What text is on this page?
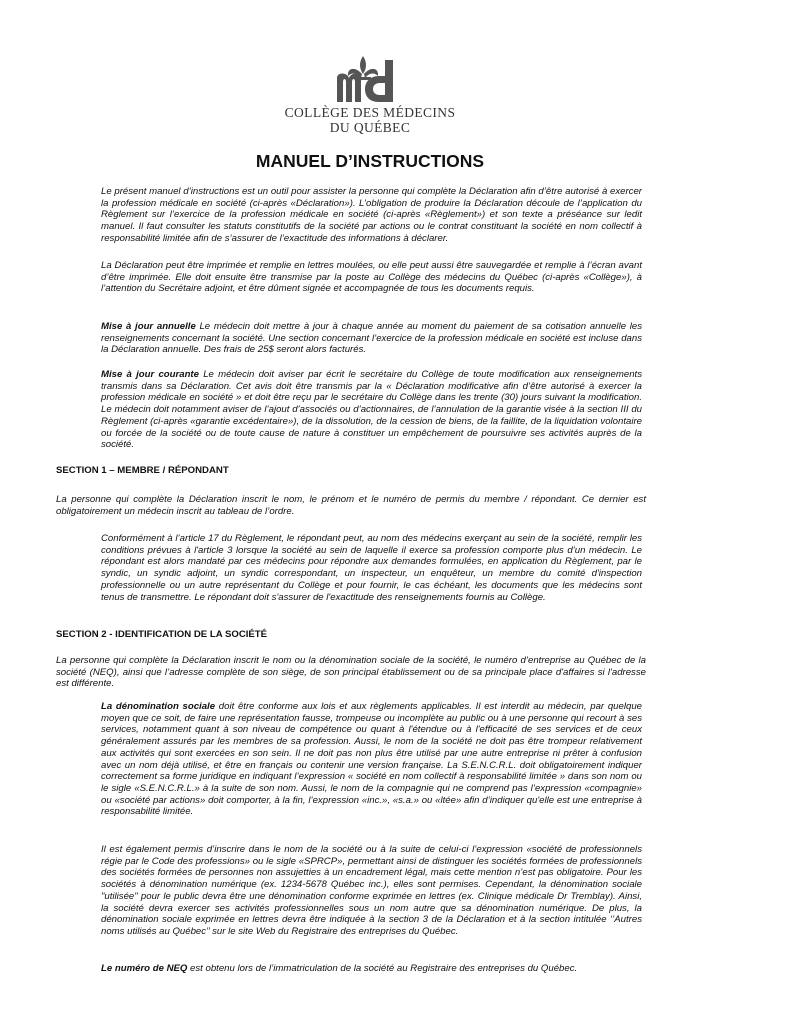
COLLÈGE DES MÉDECINS
DU QUÉBEC
MANUEL D’INSTRUCTIONS

Le présent manuel d’instructions est un outil pour assister la personne qui complète la Déclaration afin d’être autorisé à exercer la profession médicale en société (ci-après «Déclaration»). L’obligation de produire la Déclaration découle de l’application du Règlement sur l’exercice de la profession médicale en société (ci-après «Règlement») et son texte a préséance sur ledit manuel. Il faut consulter les statuts constitutifs de la société par actions ou le contrat constituant la société en nom collectif à responsabilité limitée afin de s’assurer de l’exactitude des informations à déclarer.

La Déclaration peut être imprimée et remplie en lettres moulées, ou elle peut aussi être sauvegardée et remplie à l’écran avant d’être imprimée. Elle doit ensuite être transmise par la poste au Collège des médecins du Québec (ci-après «Collège»), à l’attention du Secrétaire adjoint, et être dûment signée et accompagnée de tous les documents requis.

Mise à jour annuelle Le médecin doit mettre à jour à chaque année au moment du paiement de sa cotisation annuelle les renseignements concernant la société. Une section concernant l’exercice de la profession médicale en société est incluse dans la Déclaration annuelle. Des frais de 25$ seront alors facturés.

Mise à jour courante Le médecin doit aviser par écrit le secrétaire du Collège de toute modification aux renseignements transmis dans sa Déclaration. Cet avis doit être transmis par la « Déclaration modificative afin d’être autorisé à exercer la profession médicale en société » et doit être reçu par le secrétaire du Collège dans les trente (30) jours suivant la modification. Le médecin doit notamment aviser de l’ajout d’associés ou d’actionnaires, de l’annulation de la garantie visée à la section III du Règlement (ci-après «garantie excédentaire»), de la dissolution, de la cession de biens, de la faillite, de la liquidation volontaire ou forcée de la société ou de toute cause de nature à constituer un empêchement de poursuivre ses activités auprès de la société.

SECTION 1 – MEMBRE / RÉPONDANT

La personne qui complète la Déclaration inscrit le nom, le prénom et le numéro de permis du membre / répondant. Ce dernier est obligatoirement un médecin inscrit au tableau de l’ordre.

Conformément à l’article 17 du Règlement, le répondant peut, au nom des médecins exerçant au sein de la société, remplir les conditions prévues à l'article 3 lorsque la société au sein de laquelle il exerce sa profession comporte plus d’un médecin. Le répondant est alors mandaté par ces médecins pour répondre aux demandes formulées, en application du Règlement, par le syndic, un syndic adjoint, un syndic correspondant, un inspecteur, un enquêteur, un membre du comité d'inspection professionnelle ou un autre représentant du Collège et pour fournir, le cas échéant, les documents que les médecins sont tenus de transmettre. Le répondant doit s'assurer de l'exactitude des renseignements fournis au Collège.

SECTION 2 - IDENTIFICATION DE LA SOCIÉTÉ

La personne qui complète la Déclaration inscrit le nom ou la dénomination sociale de la société, le numéro d’entreprise au Québec de la société (NEQ), ainsi que l’adresse complète de son siège, de son principal établissement ou de sa principale place d'affaires si l'adresse est différente.

La dénomination sociale doit être conforme aux lois et aux règlements applicables. Il est interdit au médecin, par quelque moyen que ce soit, de faire une représentation fausse, trompeuse ou incomplète au public ou à une personne qui recourt à ses services, notamment quant à son niveau de compétence ou quant à l'étendue ou à l'efficacité de ses services et de ceux généralement assurés par les membres de sa profession. Aussi, le nom de la société ne doit pas être trompeur relativement aux activités qui sont exercées en son sein. Il ne doit pas non plus être utilisé par une autre entreprise ni prêter à confusion avec un nom déjà utilisé, et être en français ou contenir une version française. La S.E.N.C.R.L. doit obligatoirement indiquer correctement sa forme juridique en indiquant l’expression « société en nom collectif à responsabilité limitée » dans son nom ou le sigle «S.E.N.C.R.L.» à la suite de son nom. Aussi, le nom de la compagnie qui ne comprend pas l’expression «compagnie» ou «société par actions» doit comporter, à la fin, l’expression «inc.», «s.a.» ou «ltée» afin d’indiquer qu'elle est une entreprise à responsabilité limitée.

Il est également permis d’inscrire dans le nom de la société ou à la suite de celui-ci l’expression «société de professionnels régie par le Code des professions» ou le sigle «SPRCP», permettant ainsi de distinguer les sociétés formées de professionnels des sociétés formées de personnes non assujetties à un encadrement légal, mais cette mention n’est pas obligatoire. Pour les sociétés à dénomination numérique (ex. 1234-5678 Québec inc.), elles sont permises. Cependant, la dénomination sociale "utilisée" pour le public devra être une dénomination conforme exprimée en lettres (ex. Clinique médicale Dr Tremblay). Ainsi, la société devra exercer ses activités professionnelles sous un nom autre que sa dénomination numérique. De plus, la dénomination sociale exprimée en lettres devra être indiquée à la section 3 de la Déclaration et à la section intitulée ‘’Autres noms utilisés au Québec’’ sur le site Web du Registraire des entreprises du Québec.

Le numéro de NEQ est obtenu lors de l’immatriculation de la société au Registraire des entreprises du Québec.
